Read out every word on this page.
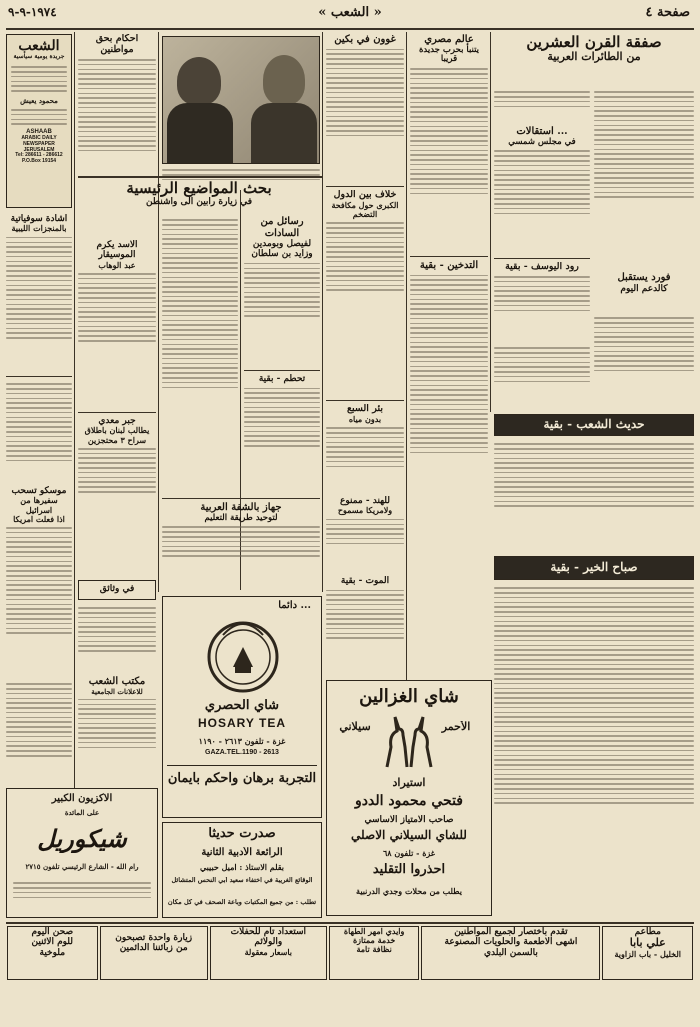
صفحة ٤
« الشعب »
١٩٧٤-٩-٩
الشعب
جريدة يومية سياسية
محمود يعيش
ASHAAB
ARABIC DAILY NEWSPAPER
JERUSALEM
Tel: 286611 - 286612
P.O.Box 19154
اشادة سوفياتية
بالمنجزات الليبية
موسكو تسحب
سفيرها من اسرائيل
اذا فعلت امريكا
احكام بحق مواطنين
بحث المواضيع الرئيسية
في زيارة رابين الى واشنطن
الاسد يكرم الموسيقار
عبد الوهاب
جبر معدي
يطالب لبنان باطلاق
سراح ٣ محتجزين
في وثائق
مكتب الشعب
للاعلانات الجامعية
رسائل من السادات
لفيصل وبومدين وزايد بن سلطان
تحطم - بقية
جهاز بالشفة العربية
لتوحيد طريقة التعليم
غوون في بكين
خلاف بين الدول
الكبرى حول مكافحة التضخم
بئر السبع
بدون مياه
للهند - ممنوع
ولامريكا مسموح
الموت - بقية
عالم مصري
يتنبأ بحرب جديدة قريبا
التدخين - بقية
صفقة القرن العشرين
من الطائرات العربية
استقالات ...
في مجلس شمسي
رود اليوسف - بقية
فورد يستقبل
كالدعم اليوم
حديث الشعب - بقية
صباح الخير - بقية
دائما ...
شاي الحصري
HOSARY TEA
غزة - تلفون ٢٦١٣ - ١١٩٠
GAZA.TEL.1190 - 2613
التجربة برهان واحكم بايمان
شاي الغزالين
الأحمر
سيلاني
استيراد
فتحي محمود الددو
صاحب الامتياز الاساسي
للشاي السيلاني الاصلي
غزة - تلفون ٦٨
احذروا التقليد
يطلب من محلات وجدي الدرنبية
صدرت حديثا
الرائعة الأدبية الثانية
بقلم الاستاذ : اميل حبيبي
الوقائع الغريبة في اختفاء سعيد أبي النحس المتشائل
تطلب : من جميع المكتبات وباعة الصحف في كل مكان
الاكزيون الكبير
على المائدة
شيكوريل
رام الله - الشارع الرئيسي تلفون ٢٧١٥
مطاعم
علي بابا
الخليل - باب الزاوية
تقدم باختصار لجميع المواطنين
اشهى الاطعمة والحلويات المصنوعة
بالسمن البلدي
وايدي امهر الطهاة
خدمة ممتازة
نظافة تامة
استعداد تام للحفلات
والولائم
باسعار معقولة
زيارة واحدة تصبحون
من زبائننا الدائمين
صحن اليوم
للوم الاثنين
ملوخية
